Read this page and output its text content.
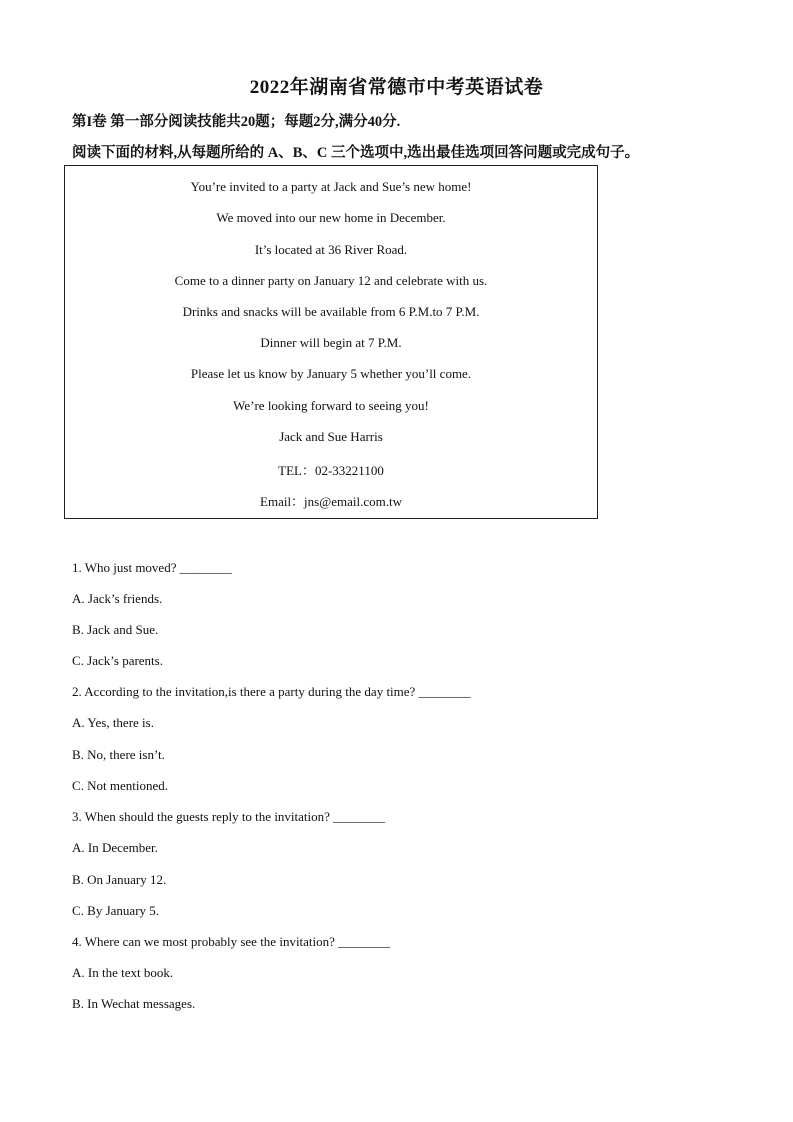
2022年湖南省常德市中考英语试卷
第I卷 第一部分阅读技能共20题；每题2分,满分40分.
阅读下面的材料,从每题所给的 A、B、C 三个选项中,选出最佳选项回答问题或完成句子。
You’re invited to a party at Jack and Sue’s new home!
We moved into our new home in December.
It’s located at 36 River Road.
Come to a dinner party on January 12 and celebrate with us.
Drinks and snacks will be available from 6 P.M.to 7 P.M.
Dinner will begin at 7 P.M.
Please let us know by January 5 whether you’ll come.
We’re looking forward to seeing you!
Jack and Sue Harris
TEL：02-33221100
Email：jns@email.com.tw
1. Who just moved? ________
A. Jack’s friends.
B. Jack and Sue.
C. Jack’s parents.
2. According to the invitation,is there a party during the day time? ________
A. Yes, there is.
B. No, there isn’t.
C. Not mentioned.
3. When should the guests reply to the invitation? ________
A. In December.
B. On January 12.
C. By January 5.
4. Where can we most probably see the invitation? ________
A. In the text book.
B. In Wechat messages.
